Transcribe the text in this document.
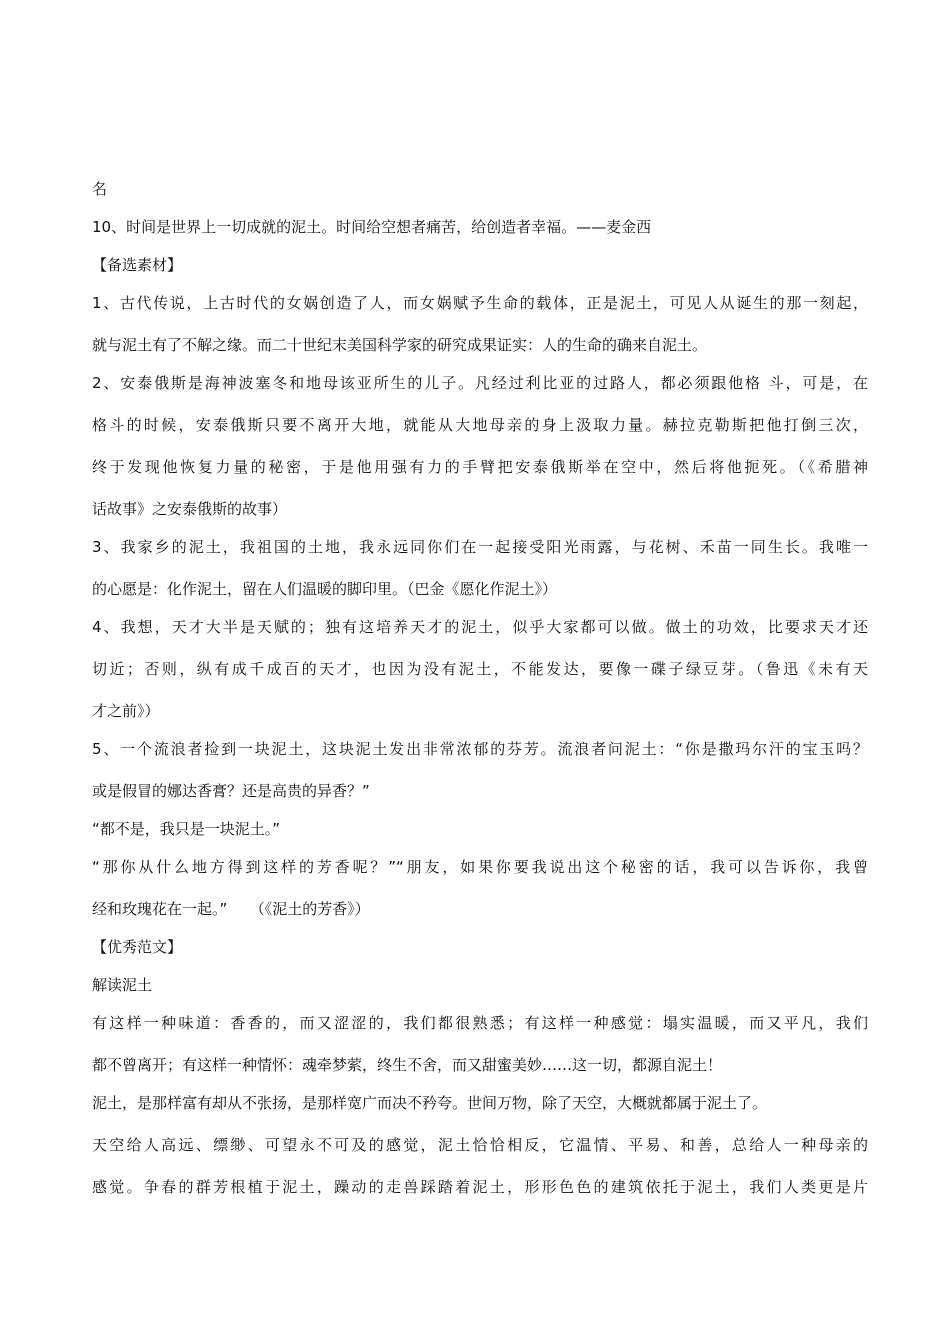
名
10、时间是世界上一切成就的泥土。时间给空想者痛苦，给创造者幸福。——麦金西
【备选素材】
1、古代传说，上古时代的女娲创造了人，而女娲赋予生命的载体，正是泥土，可见人从诞生的那一刻起，
就与泥土有了不解之缘。而二十世纪末美国科学家的研究成果证实：人的生命的确来自泥土。
2、安泰俄斯是海神波塞冬和地母该亚所生的儿子。凡经过利比亚的过路人，都必须跟他格 斗，可是，在
格斗的时候，安泰俄斯只要不离开大地，就能从大地母亲的身上汲取力量。赫拉克勒斯把他打倒三次，
终于发现他恢复力量的秘密，于是他用强有力的手臂把安泰俄斯举在空中，然后将他扼死。（《希腊神
话故事》之安泰俄斯的故事）
3、我家乡的泥土，我祖国的土地，我永远同你们在一起接受阳光雨露，与花树、禾苗一同生长。我唯一
的心愿是：化作泥土，留在人们温暖的脚印里。（巴金《愿化作泥土》）
4、我想，天才大半是天赋的；独有这培养天才的泥土，似乎大家都可以做。做土的功效，比要求天才还
切近；否则，纵有成千成百的天才，也因为没有泥土，不能发达，要像一碟子绿豆芽。（鲁迅《未有天
才之前》）
5、一个流浪者捡到一块泥土，这块泥土发出非常浓郁的芬芳。流浪者问泥土：“你是撒玛尔汗的宝玉吗？
或是假冒的娜达香膏？还是高贵的异香？”
“都不是，我只是一块泥土。”
“那你从什么地方得到这样的芳香呢？”“朋友，如果你要我说出这个秘密的话，我可以告诉你，我曾
经和玫瑰花在一起。”　　（《泥土的芳香》）
【优秀范文】
解读泥土
有这样一种味道：香香的，而又涩涩的，我们都很熟悉；有这样一种感觉：塌实温暖，而又平凡，我们
都不曾离开；有这样一种情怀：魂牵梦萦，终生不舍，而又甜蜜美妙……这一切，都源自泥土！
泥土，是那样富有却从不张扬，是那样宽广而决不矜夸。世间万物，除了天空，大概就都属于泥土了。
天空给人高远、缥缈、可望永不可及的感觉，泥土恰恰相反，它温情、平易、和善，总给人一种母亲的
感觉。争春的群芳根植于泥土，躁动的走兽踩踏着泥土，形形色色的建筑依托于泥土，我们人类更是片
